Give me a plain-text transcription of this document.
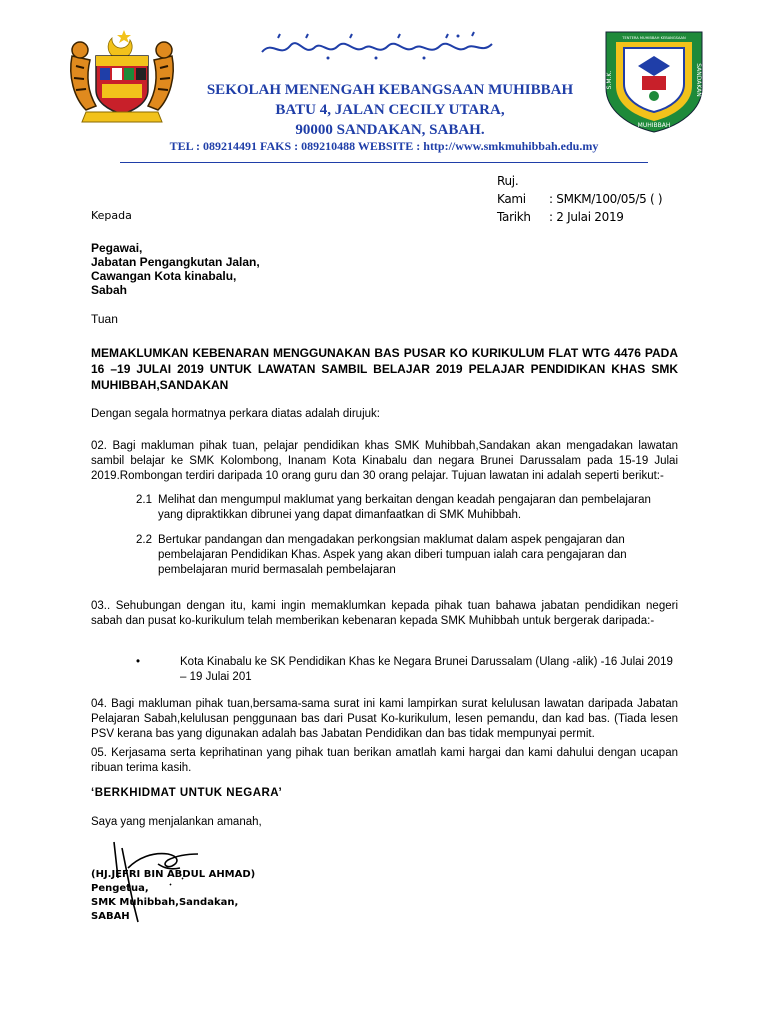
TENTERA MUHIBBAH KEBANGSAAN
S.M.K.	SANDAKAN
MUHIBBAH
SEKOLAH MENENGAH KEBANGSAAN MUHIBBAH
BATU 4, JALAN CECILY UTARA,
90000 SANDAKAN, SABAH.
TEL : 089214491 FAKS : 089210488 WEBSITE : http://www.smkmuhibbah.edu.my
Ruj. Kami : SMKM/100/05/5 ( )
Tarikh : 2 Julai 2019
Kepada
Pegawai,
Jabatan Pengangkutan Jalan,
Cawangan Kota kinabalu,
Sabah
Tuan
MEMAKLUMKAN KEBENARAN MENGGUNAKAN BAS PUSAR KO KURIKULUM FLAT WTG 4476 PADA 16 –19 JULAI 2019 UNTUK LAWATAN SAMBIL BELAJAR 2019 PELAJAR PENDIDIKAN KHAS SMK MUHIBBAH,SANDAKAN
Dengan segala hormatnya perkara diatas adalah dirujuk:
02. Bagi makluman pihak tuan, pelajar pendidikan khas SMK Muhibbah,Sandakan akan mengadakan lawatan sambil belajar ke SMK Kolombong, Inanam Kota Kinabalu dan negara Brunei Darussalam pada 15-19 Julai 2019.Rombongan terdiri daripada 10 orang guru dan 30 orang pelajar. Tujuan lawatan ini adalah seperti berikut:-
2.1 Melihat dan mengumpul maklumat yang berkaitan dengan keadah pengajaran dan pembelajaran yang dipraktikkan dibrunei yang dapat dimanfaatkan di SMK Muhibbah.
2.2 Bertukar pandangan dan mengadakan perkongsian maklumat dalam aspek pengajaran dan pembelajaran Pendidikan Khas. Aspek yang akan diberi tumpuan ialah cara pengajaran dan pembelajaran murid bermasalah pembelajaran
03.. Sehubungan dengan itu, kami ingin memaklumkan kepada pihak tuan bahawa jabatan pendidikan negeri sabah dan pusat ko-kurikulum telah memberikan kebenaran kepada SMK Muhibbah untuk bergerak daripada:-
•	Kota Kinabalu ke SK Pendidikan Khas ke Negara Brunei Darussalam (Ulang -alik) -16 Julai 2019 – 19 Julai 201
04. Bagi makluman pihak tuan,bersama-sama surat ini kami lampirkan surat kelulusan lawatan daripada Jabatan Pelajaran Sabah,kelulusan penggunaan bas dari Pusat Ko-kurikulum, lesen pemandu, dan kad bas. (Tiada lesen PSV kerana bas yang digunakan adalah bas Jabatan Pendidikan dan bas tidak mempunyai permit.
05. Kerjasama serta keprihatinan yang pihak tuan berikan amatlah kami hargai dan kami dahului dengan ucapan ribuan terima kasih.
‘BERKHIDMAT UNTUK NEGARA’
Saya yang menjalankan amanah,
(HJ.JEFRI BIN ABDUL AHMAD)
Pengetua,
SMK Muhibbah,Sandakan,
SABAH
